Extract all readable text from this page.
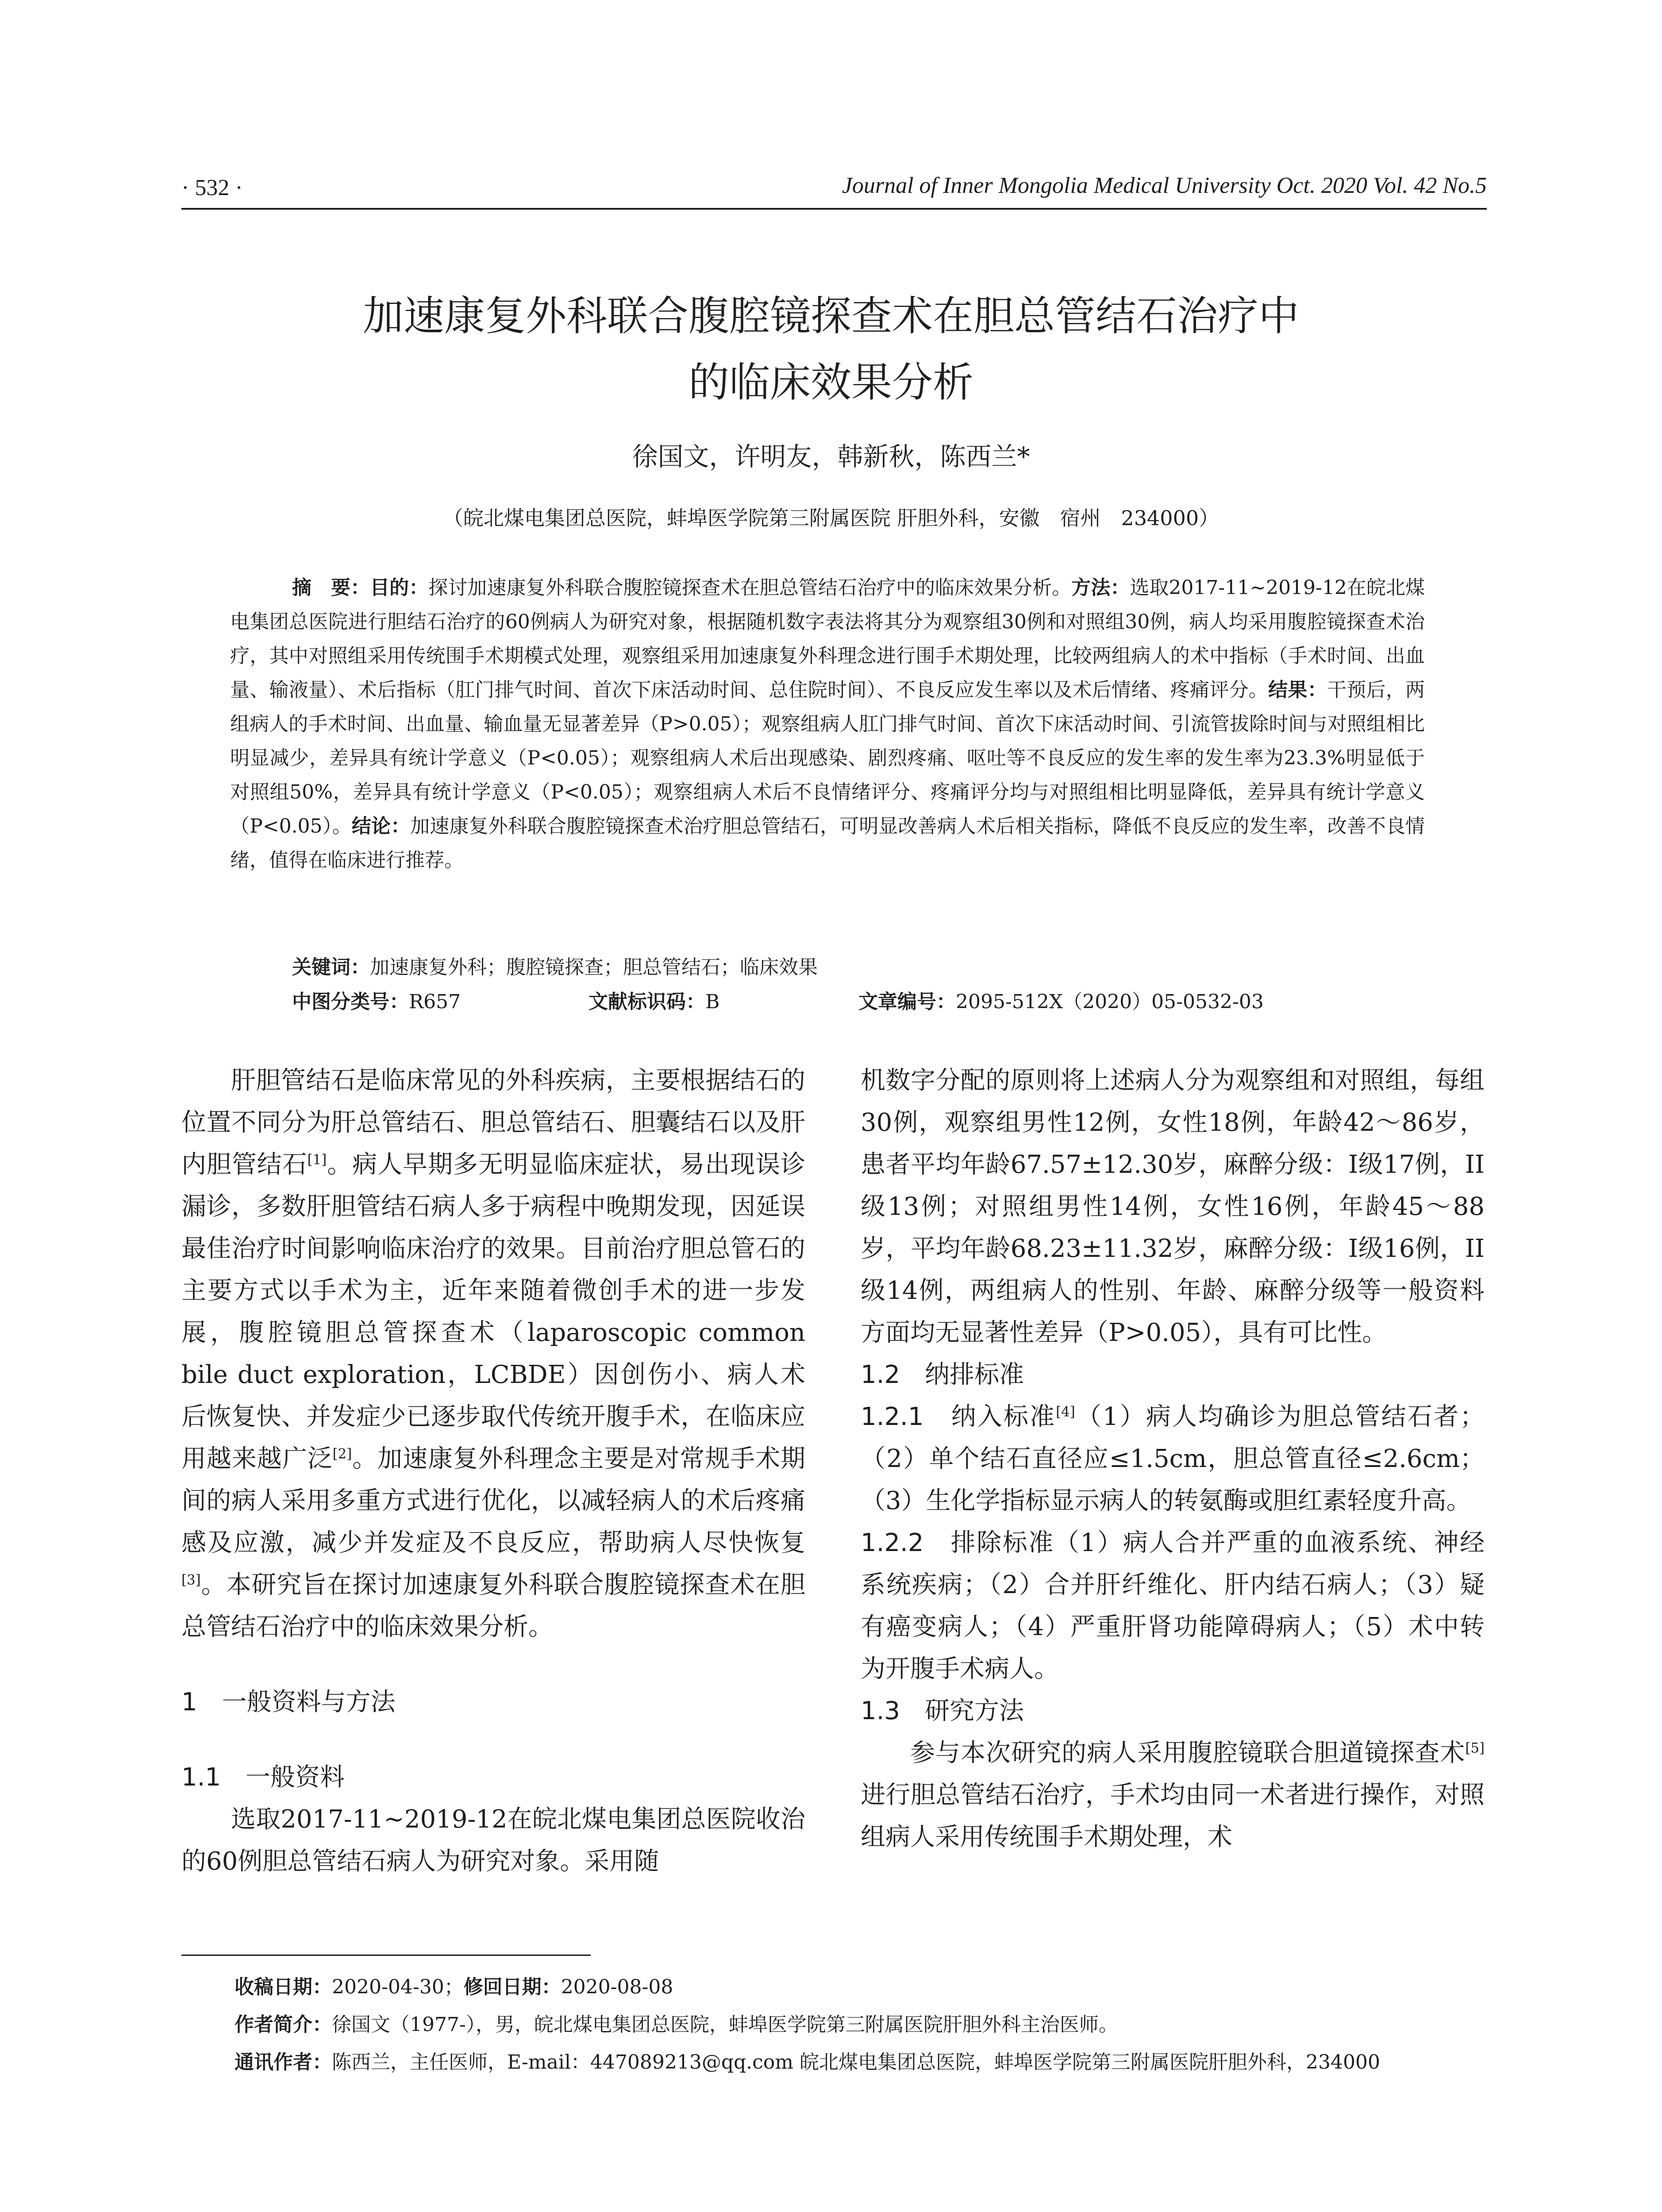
· 532 ·	Journal of Inner Mongolia Medical University Oct. 2020 Vol. 42 No.5
加速康复外科联合腹腔镜探查术在胆总管结石治疗中
的临床效果分析
徐国文，许明友，韩新秋，陈西兰*
（皖北煤电集团总医院，蚌埠医学院第三附属医院 肝胆外科，安徽　宿州　234000）

摘　要：目的：探讨加速康复外科联合腹腔镜探查术在胆总管结石治疗中的临床效果分析。方法：选取2017-11~2019-12在皖北煤电集团总医院进行胆结石治疗的60例病人为研究对象，根据随机数字表法将其分为观察组30例和对照组30例，病人均采用腹腔镜探查术治疗，其中对照组采用传统围手术期模式处理，观察组采用加速康复外科理念进行围手术期处理，比较两组病人的术中指标（手术时间、出血量、输液量）、术后指标（肛门排气时间、首次下床活动时间、总住院时间）、不良反应发生率以及术后情绪、疼痛评分。结果：干预后，两组病人的手术时间、出血量、输血量无显著差异（P>0.05）；观察组病人肛门排气时间、首次下床活动时间、引流管拔除时间与对照组相比明显减少，差异具有统计学意义（P<0.05）；观察组病人术后出现感染、剧烈疼痛、呕吐等不良反应的发生率的发生率为23.3%明显低于对照组50%，差异具有统计学意义（P<0.05）；观察组病人术后不良情绪评分、疼痛评分均与对照组相比明显降低，差异具有统计学意义（P<0.05）。结论：加速康复外科联合腹腔镜探查术治疗胆总管结石，可明显改善病人术后相关指标，降低不良反应的发生率，改善不良情绪，值得在临床进行推荐。

关键词：加速康复外科；腹腔镜探查；胆总管结石；临床效果
中图分类号：R657	文献标识码：B	文章编号：2095-512X（2020）05-0532-03

肝胆管结石是临床常见的外科疾病，主要根据结石的位置不同分为肝总管结石、胆总管结石、胆囊结石以及肝内胆管结石[1]。病人早期多无明显临床症状，易出现误诊漏诊，多数肝胆管结石病人多于病程中晚期发现，因延误最佳治疗时间影响临床治疗的效果。目前治疗胆总管石的主要方式以手术为主，近年来随着微创手术的进一步发展，腹腔镜胆总管探查术（laparoscopic common bile duct exploration，LCBDE）因创伤小、病人术后恢复快、并发症少已逐步取代传统开腹手术，在临床应用越来越广泛[2]。加速康复外科理念主要是对常规手术期间的病人采用多重方式进行优化，以减轻病人的术后疼痛感及应激，减少并发症及不良反应，帮助病人尽快恢复[3]。本研究旨在探讨加速康复外科联合腹腔镜探查术在胆总管结石治疗中的临床效果分析。

1　一般资料与方法

1.1　一般资料

选取2017-11~2019-12在皖北煤电集团总医院收治的60例胆总管结石病人为研究对象。采用随

机数字分配的原则将上述病人分为观察组和对照组，每组30例，观察组男性12例，女性18例，年龄42～86岁，患者平均年龄67.57±12.30岁，麻醉分级：I级17例，II级13例；对照组男性14例，女性16例，年龄45～88岁，平均年龄68.23±11.32岁，麻醉分级：I级16例，II级14例，两组病人的性别、年龄、麻醉分级等一般资料方面均无显著性差异（P>0.05），具有可比性。

1.2　纳排标准

1.2.1　纳入标准[4]（1）病人均确诊为胆总管结石者；（2）单个结石直径应≤1.5cm，胆总管直径≤2.6cm；（3）生化学指标显示病人的转氨酶或胆红素轻度升高。

1.2.2　排除标准（1）病人合并严重的血液系统、神经系统疾病；（2）合并肝纤维化、肝内结石病人；（3）疑有癌变病人；（4）严重肝肾功能障碍病人；（5）术中转为开腹手术病人。

1.3　研究方法

参与本次研究的病人采用腹腔镜联合胆道镜探查术[5]进行胆总管结石治疗，手术均由同一术者进行操作，对照组病人采用传统围手术期处理，术

收稿日期：2020-04-30；修回日期：2020-08-08
作者简介：徐国文（1977-），男，皖北煤电集团总医院，蚌埠医学院第三附属医院肝胆外科主治医师。
通讯作者：陈西兰，主任医师，E-mail：447089213@qq.com 皖北煤电集团总医院，蚌埠医学院第三附属医院肝胆外科，234000
